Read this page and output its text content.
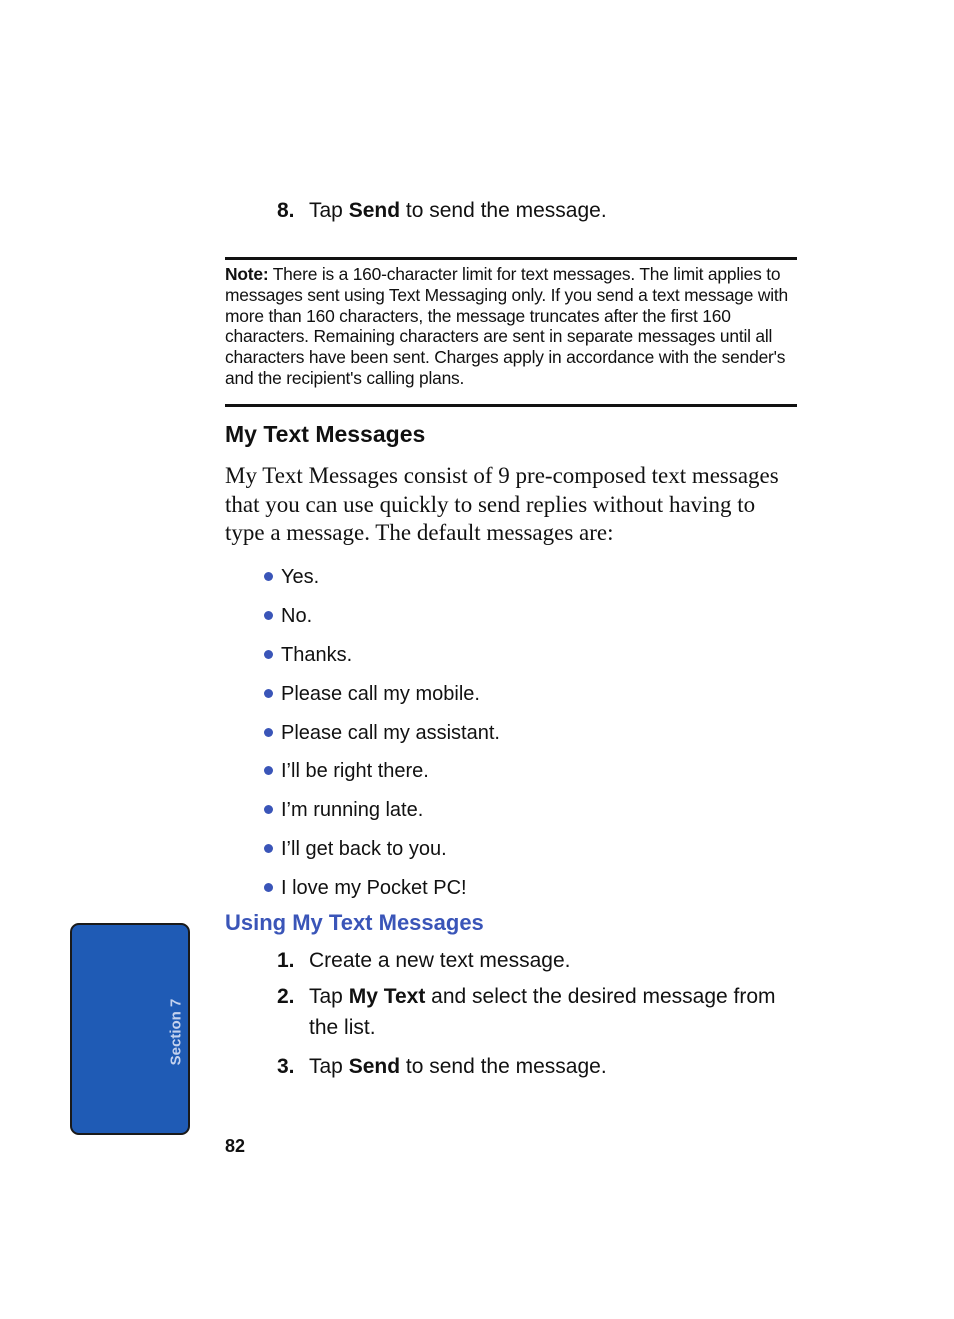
8. Tap Send to send the message.
Note: There is a 160-character limit for text messages. The limit applies to messages sent using Text Messaging only. If you send a text message with more than 160 characters, the message truncates after the first 160 characters. Remaining characters are sent in separate messages until all characters have been sent. Charges apply in accordance with the sender's and the recipient's calling plans.
My Text Messages
My Text Messages consist of 9 pre-composed text messages that you can use quickly to send replies without having to type a message. The default messages are:
Yes.
No.
Thanks.
Please call my mobile.
Please call my assistant.
I’ll be right there.
I’m running late.
I’ll get back to you.
I love my Pocket PC!
Using My Text Messages
1. Create a new text message.
2. Tap My Text and select the desired message from the list.
3. Tap Send to send the message.
Section 7
82
